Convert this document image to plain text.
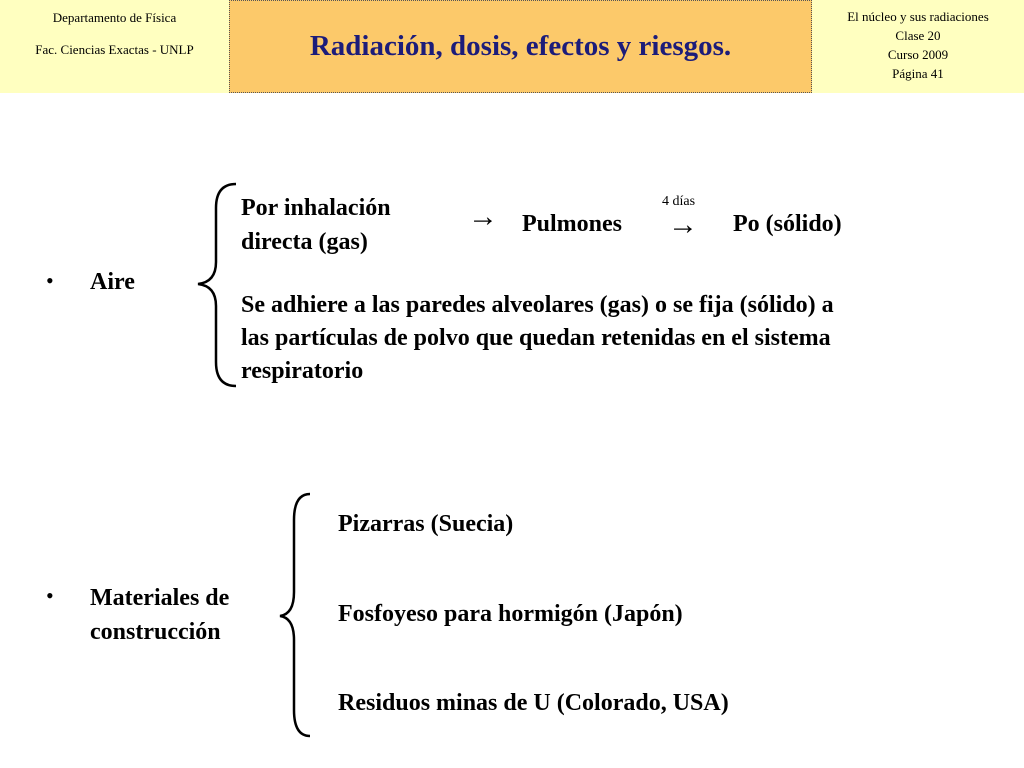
Departamento de Física
Fac. Ciencias Exactas - UNLP	Radiación, dosis, efectos y riesgos.
El núcleo y sus radiaciones
Clase 20
Curso 2009
Página 41
• Aire
Por inhalación
directa (gas)
→ Pulmones
4 días
→ Po (sólido)
Se adhiere a las paredes alveolares (gas) o se fija (sólido) a
las partículas de polvo que quedan retenidas en el sistema
respiratorio
• Materiales de
construcción
Pizarras (Suecia)
Fosfoyeso para hormigón (Japón)
Residuos minas de U (Colorado, USA)
